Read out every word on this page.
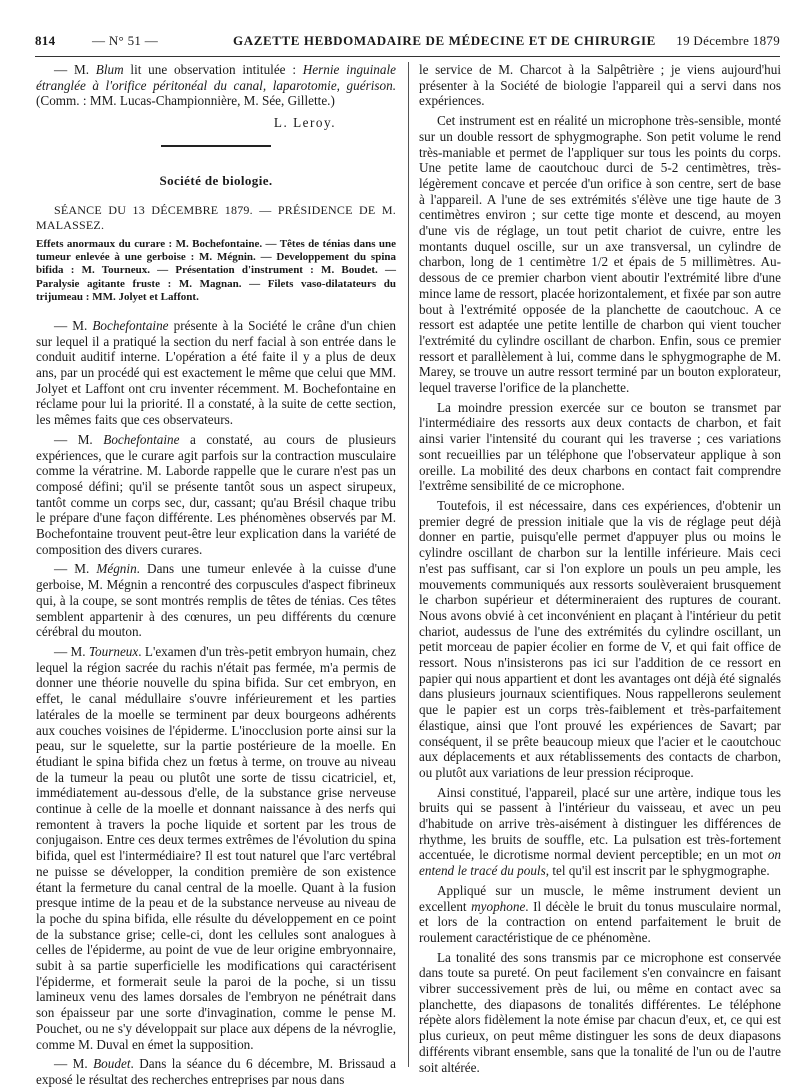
814	— N° 51 —	GAZETTE HEBDOMADAIRE DE MÉDECINE ET DE CHIRURGIE 19 Décembre 1879

— M. Blum lit une observation intitulée : Hernie inguinale étranglée à l'orifice péritonéal du canal, laparotomie, guérison. (Comm. : MM. Lucas-Championnière, M. Sée, Gillette.)

L. Leroy.
Société de biologie.

SÉANCE DU 13 DÉCEMBRE 1879. — PRÉSIDENCE DE M. MALASSEZ.

Effets anormaux du curare : M. Bochefontaine. — Têtes de ténias dans une tumeur enlevée à une gerboise : M. Mégnin. — Developpement du spina bifida : M. Tourneux. — Présentation d'instrument : M. Boudet. — Paralysie agitante fruste : M. Magnan. — Filets vaso-dilatateurs du trijumeau : MM. Jolyet et Laffont.

— M. Bochefontaine présente à la Société le crâne d'un chien sur lequel il a pratiqué la section du nerf facial à son entrée dans le conduit auditif interne. L'opération a été faite il y a plus de deux ans, par un procédé qui est exactement le même que celui que MM. Jolyet et Laffont ont cru inventer récemment. M. Bochefontaine en réclame pour lui la priorité. Il a constaté, à la suite de cette section, les mêmes faits que ces observateurs.

— M. Bochefontaine a constaté, au cours de plusieurs expériences, que le curare agit parfois sur la contraction musculaire comme la vératrine. M. Laborde rappelle que le curare n'est pas un composé défini; qu'il se présente tantôt sous un aspect sirupeux, tantôt comme un corps sec, dur, cassant; qu'au Brésil chaque tribu le prépare d'une façon différente. Les phénomènes observés par M. Bochefontaine trouvent peut-être leur explication dans la variété de composition des divers curares.

— M. Mégnin. Dans une tumeur enlevée à la cuisse d'une gerboise, M. Mégnin a rencontré des corpuscules d'aspect fibrineux qui, à la coupe, se sont montrés remplis de têtes de ténias. Ces têtes semblent appartenir à des cœnures, un peu différents du cœnure cérébral du mouton.

— M. Tourneux. L'examen d'un très-petit embryon humain, chez lequel la région sacrée du rachis n'était pas fermée, m'a permis de donner une théorie nouvelle du spina bifida. Sur cet embryon, en effet, le canal médullaire s'ouvre inférieurement et les parties latérales de la moelle se terminent par deux bourgeons adhérents aux couches voisines de l'épiderme. L'inocclusion porte ainsi sur la peau, sur le squelette, sur la partie postérieure de la moelle. En étudiant le spina bifida chez un fœtus à terme, on trouve au niveau de la tumeur la peau ou plutôt une sorte de tissu cicatriciel, et, immédiatement au-dessous d'elle, de la substance grise nerveuse continue à celle de la moelle et donnant naissance à des nerfs qui remontent à travers la poche liquide et sortent par les trous de conjugaison. Entre ces deux termes extrêmes de l'évolution du spina bifida, quel est l'intermédiaire? Il est tout naturel que l'arc vertébral ne puisse se développer, la condition première de son existence étant la fermeture du canal central de la moelle. Quant à la fusion presque intime de la peau et de la substance nerveuse au niveau de la poche du spina bifida, elle résulte du développement en ce point de la substance grise; celle-ci, dont les cellules sont analogues à celles de l'épiderme, au point de vue de leur origine embryonnaire, subit à sa partie superficielle les modifications qui caractérisent l'épiderme, et formerait seule la paroi de la poche, si un tissu lamineux venu des lames dorsales de l'embryon ne pénétrait dans son épaisseur par une sorte d'invagination, comme le pense M. Pouchet, ou ne s'y développait sur place aux dépens de la névroglie, comme M. Duval en émet la supposition.

— M. Boudet. Dans la séance du 6 décembre, M. Brissaud a exposé le résultat des recherches entreprises par nous dans

le service de M. Charcot à la Salpêtrière ; je viens aujourd'hui présenter à la Société de biologie l'appareil qui a servi dans nos expériences.

Cet instrument est en réalité un microphone très-sensible, monté sur un double ressort de sphygmographe. Son petit volume le rend très-maniable et permet de l'appliquer sur tous les points du corps. Une petite lame de caoutchouc durci de 5-2 centimètres, très-légèrement concave et percée d'un orifice à son centre, sert de base à l'appareil. A l'une de ses extrémités s'élève une tige haute de 3 centimètres environ ; sur cette tige monte et descend, au moyen d'une vis de réglage, un tout petit chariot de cuivre, entre les montants duquel oscille, sur un axe transversal, un cylindre de charbon, long de 1 centimètre 1/2 et épais de 5 millimètres. Au-dessous de ce premier charbon vient aboutir l'extrémité libre d'une mince lame de ressort, placée horizontalement, et fixée par son autre bout à l'extrémité opposée de la planchette de caoutchouc. A ce ressort est adaptée une petite lentille de charbon qui vient toucher l'extrémité du cylindre oscillant de charbon. Enfin, sous ce premier ressort et parallèlement à lui, comme dans le sphygmographe de M. Marey, se trouve un autre ressort terminé par un bouton explorateur, lequel traverse l'orifice de la planchette.

La moindre pression exercée sur ce bouton se transmet par l'intermédiaire des ressorts aux deux contacts de charbon, et fait ainsi varier l'intensité du courant qui les traverse ; ces variations sont recueillies par un téléphone que l'observateur applique à son oreille. La mobilité des deux charbons en contact fait comprendre l'extrême sensibilité de ce microphone.

Toutefois, il est nécessaire, dans ces expériences, d'obtenir un premier degré de pression initiale que la vis de réglage peut déjà donner en partie, puisqu'elle permet d'appuyer plus ou moins le cylindre oscillant de charbon sur la lentille inférieure. Mais ceci n'est pas suffisant, car si l'on explore un pouls un peu ample, les mouvements communiqués aux ressorts soulèveraient brusquement le charbon supérieur et détermineraient des ruptures de courant. Nous avons obvié à cet inconvénient en plaçant à l'intérieur du petit chariot, audessus de l'une des extrémités du cylindre oscillant, un petit morceau de papier écolier en forme de V, et qui fait office de ressort. Nous n'insisterons pas ici sur l'addition de ce ressort en papier qui nous appartient et dont les avantages ont déjà été signalés dans plusieurs journaux scientifiques. Nous rappellerons seulement que le papier est un corps très-faiblement et très-parfaitement élastique, ainsi que l'ont prouvé les expériences de Savart; par conséquent, il se prête beaucoup mieux que l'acier et le caoutchouc aux déplacements et aux rétablissements des contacts de charbon, ou plutôt aux variations de leur pression réciproque.

Ainsi constitué, l'appareil, placé sur une artère, indique tous les bruits qui se passent à l'intérieur du vaisseau, et avec un peu d'habitude on arrive très-aisément à distinguer les différences de rhythme, les bruits de souffle, etc. La pulsation est très-fortement accentuée, le dicrotisme normal devient perceptible; en un mot on entend le tracé du pouls, tel qu'il est inscrit par le sphygmographe.

Appliqué sur un muscle, le même instrument devient un excellent myophone. Il décèle le bruit du tonus musculaire normal, et lors de la contraction on entend parfaitement le bruit de roulement caractéristique de ce phénomène.

La tonalité des sons transmis par ce microphone est conservée dans toute sa pureté. On peut facilement s'en convaincre en faisant vibrer successivement près de lui, ou même en contact avec sa planchette, des diapasons de tonalités différentes. Le téléphone répète alors fidèlement la note émise par chacun d'eux, et, ce qui est plus curieux, on peut même distinguer les sons de deux diapasons différents vibrant ensemble, sans que la tonalité de l'un ou de l'autre soit altérée.
